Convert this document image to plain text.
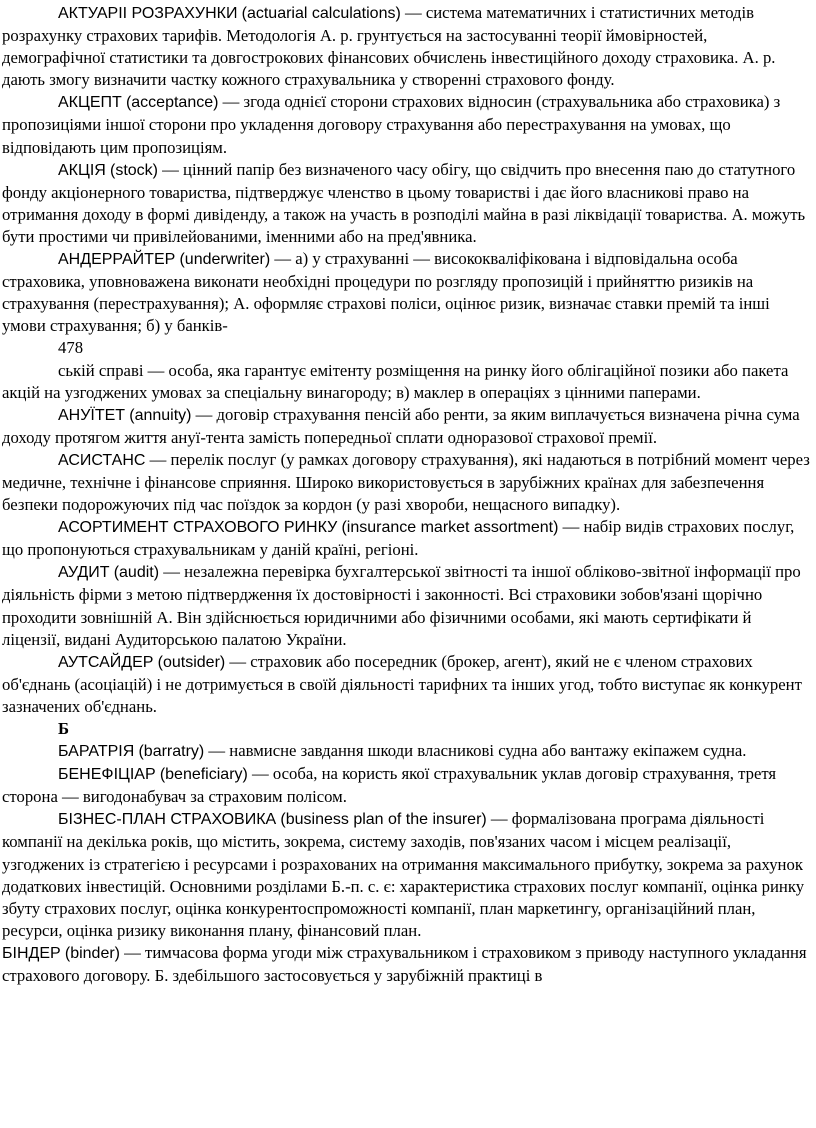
АКТУАРІІ РОЗРАХУНКИ (actuarial calculations) — система математичних і статистичних методів розрахунку страхових тарифів. Методологія А. р. грунтується на застосуванні теорії ймовірностей, демографічної статистики та довгострокових фінансових обчислень інвестиційного доходу страховика. А. р. дають змогу визначити частку кожного страхувальника у створенні страхового фонду.

АКЦЕПТ (acceptance) — згода однієї сторони страхових відносин (страхувальника або страховика) з пропозиціями іншої сторони про укладення договору страхування або перестрахування на умовах, що відповідають цим пропозиціям.

АКЦІЯ (stock) — цінний папір без визначеного часу обігу, що свідчить про внесення паю до статутного фонду акціонерного товариства, підтверджує членство в цьому товаристві і дає його власникові право на отримання доходу в формі дивіденду, а також на участь в розподілі майна в разі ліквідації товариства. А. можуть бути простими чи привілейованими, іменними або на пред'явника.

АНДЕРРАЙТЕР (underwriter) — а) у страхуванні — висококваліфікована і відповідальна особа страховика, уповноважена виконати необхідні процедури по розгляду пропозицій і прийняттю ризиків на страхування (перестрахування); А. оформляє страхові поліси, оцінює ризик, визначає ставки премій та інші умови страхування; б) у банків-

478

ській справі — особа, яка гарантує емітенту розміщення на ринку його облігаційної позики або пакета акцій на узгоджених умовах за спеціальну винагороду; в) маклер в операціях з цінними паперами.

АНУЇТЕТ (annuity) — договір страхування пенсій або ренти, за яким виплачується визначена річна сума доходу протягом життя ануї-тента замість попередньої сплати одноразової страхової премії.

АСИСТАНС — перелік послуг (у рамках договору страхування), які надаються в потрібний момент через медичне, технічне і фінансове сприяння. Широко використовується в зарубіжних країнах для забезпечення безпеки подорожуючих під час поїздок за кордон (у разі хвороби, нещасного випадку).

АСОРТИМЕНТ СТРАХОВОГО РИНКУ (insurance market assortment) — набір видів страхових послуг, що пропонуються страхувальникам у даній країні, регіоні.

АУДИТ (audit) — незалежна перевірка бухгалтерської звітності та іншої обліково-звітної інформації про діяльність фірми з метою підтвердження їх достовірності і законності. Всі страховики зобов'язані щорічно проходити зовнішній А. Він здійснюється юридичними або фізичними особами, які мають сертифікати й ліцензії, видані Аудиторською палатою України.

АУТСАЙДЕР (outsider) — страховик або посередник (брокер, агент), який не є членом страхових об'єднань (асоціацій) і не дотримується в своїй діяльності тарифних та інших угод, тобто виступає як конкурент зазначених об'єднань.

Б

БАРАТРІЯ (barratry) — навмисне завдання шкоди власникові судна або вантажу екіпажем судна.

БЕНЕФІЦІАР (beneficiary) — особа, на користь якої страхувальник уклав договір страхування, третя сторона — вигодонабувач за страховим полісом.

БІЗНЕС-ПЛАН СТРАХОВИКА (business plan of the insurer) — формалізована програма діяльності компанії на декілька років, що містить, зокрема, систему заходів, пов'язаних часом і місцем реалізації, узгоджених із стратегією і ресурсами і розрахованих на отримання максимального прибутку, зокрема за рахунок додаткових інвестицій. Основними розділами Б.-п. с. є: характеристика страхових послуг компанії, оцінка ринку збуту страхових послуг, оцінка конкурентоспроможності компанії, план маркетингу, організаційний план, ресурси, оцінка ризику виконання плану, фінансовий план.

БІНДЕР (binder) — тимчасова форма угоди між страхувальником і страховиком з приводу наступного укладання страхового договору. Б. здебільшого застосовується у зарубіжній практиці в
